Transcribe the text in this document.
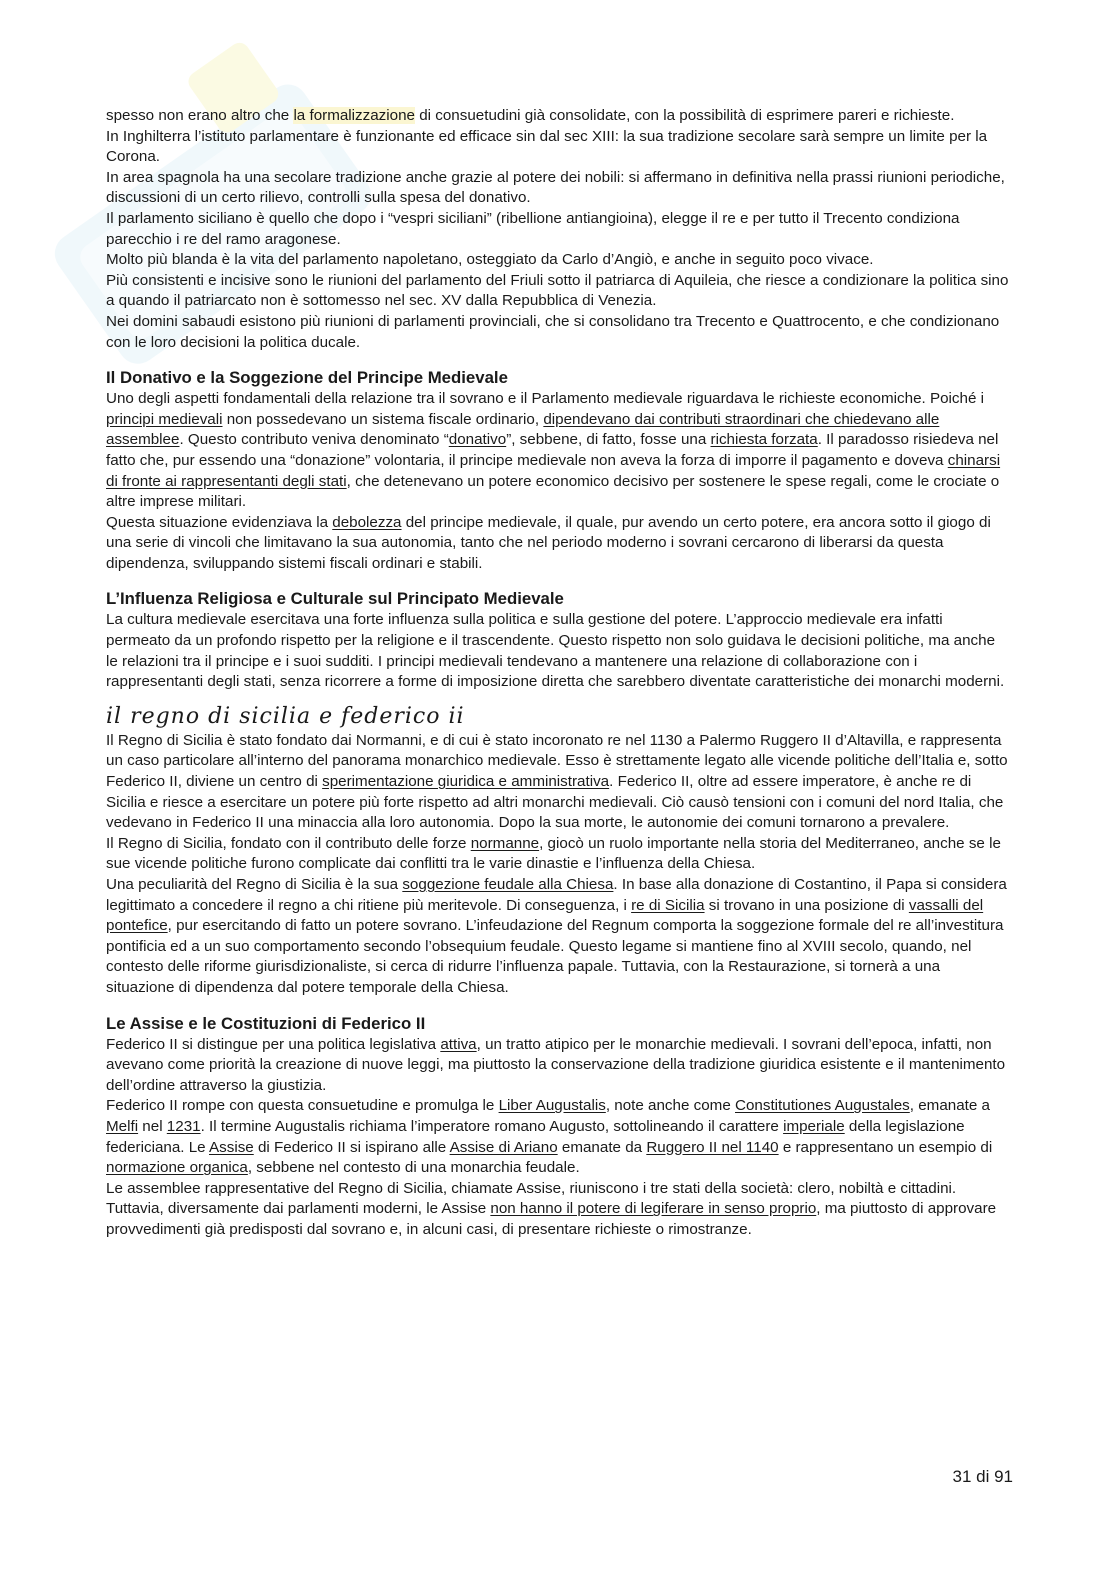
spesso non erano altro che la formalizzazione di consuetudini già consolidate, con la possibilità di esprimere pareri e richieste.

In Inghilterra l’istituto parlamentare è funzionante ed efficace sin dal sec XIII: la sua tradizione secolare sarà sempre un limite per la Corona.

In area spagnola ha una secolare tradizione anche grazie al potere dei nobili: si affermano in definitiva nella prassi riunioni periodiche, discussioni di un certo rilievo, controlli sulla spesa del donativo.

Il parlamento siciliano è quello che dopo i “vespri siciliani” (ribellione antiangioina), elegge il re e per tutto il Trecento condiziona parecchio i re del ramo aragonese.

Molto più blanda è la vita del parlamento napoletano, osteggiato da Carlo d’Angiò, e anche in seguito poco vivace.

Più consistenti e incisive sono le riunioni del parlamento del Friuli sotto il patriarca di Aquileia, che riesce a condizionare la politica sino a quando il patriarcato non è sottomesso nel sec. XV dalla Repubblica di Venezia.

Nei domini sabaudi esistono più riunioni di parlamenti provinciali, che si consolidano tra Trecento e Quattrocento, e che condizionano con le loro decisioni la politica ducale.

Il Donativo e la Soggezione del Principe Medievale

Uno degli aspetti fondamentali della relazione tra il sovrano e il Parlamento medievale riguardava le richieste economiche. Poiché i principi medievali non possedevano un sistema fiscale ordinario, dipendevano dai contributi straordinari che chiedevano alle assemblee. Questo contributo veniva denominato “donativo”, sebbene, di fatto, fosse una richiesta forzata. Il paradosso risiedeva nel fatto che, pur essendo una “donazione” volontaria, il principe medievale non aveva la forza di imporre il pagamento e doveva chinarsi di fronte ai rappresentanti degli stati, che detenevano un potere economico decisivo per sostenere le spese regali, come le crociate o altre imprese militari.

Questa situazione evidenziava la debolezza del principe medievale, il quale, pur avendo un certo potere, era ancora sotto il giogo di una serie di vincoli che limitavano la sua autonomia, tanto che nel periodo moderno i sovrani cercarono di liberarsi da questa dipendenza, sviluppando sistemi fiscali ordinari e stabili.

L’Influenza Religiosa e Culturale sul Principato Medievale

La cultura medievale esercitava una forte influenza sulla politica e sulla gestione del potere. L’approccio medievale era infatti permeato da un profondo rispetto per la religione e il trascendente. Questo rispetto non solo guidava le decisioni politiche, ma anche le relazioni tra il principe e i suoi sudditi. I principi medievali tendevano a mantenere una relazione di collaborazione con i rappresentanti degli stati, senza ricorrere a forme di imposizione diretta che sarebbero diventate caratteristiche dei monarchi moderni.

il regno di sicilia e federico ii

Il Regno di Sicilia è stato fondato dai Normanni, e di cui è stato incoronato re nel 1130 a Palermo Ruggero II d’Altavilla, e rappresenta un caso particolare all’interno del panorama monarchico medievale. Esso è strettamente legato alle vicende politiche dell’Italia e, sotto Federico II, diviene un centro di sperimentazione giuridica e amministrativa. Federico II, oltre ad essere imperatore, è anche re di Sicilia e riesce a esercitare un potere più forte rispetto ad altri monarchi medievali. Ciò causò tensioni con i comuni del nord Italia, che vedevano in Federico II una minaccia alla loro autonomia. Dopo la sua morte, le autonomie dei comuni tornarono a prevalere.

Il Regno di Sicilia, fondato con il contributo delle forze normanne, giocò un ruolo importante nella storia del Mediterraneo, anche se le sue vicende politiche furono complicate dai conflitti tra le varie dinastie e l’influenza della Chiesa.

Una peculiarità del Regno di Sicilia è la sua soggezione feudale alla Chiesa. In base alla donazione di Costantino, il Papa si considera legittimato a concedere il regno a chi ritiene più meritevole. Di conseguenza, i re di Sicilia si trovano in una posizione di vassalli del pontefice, pur esercitando di fatto un potere sovrano. L’infeudazione del Regnum comporta la soggezione formale del re all’investitura pontificia ed a un suo comportamento secondo l’obsequium feudale. Questo legame si mantiene fino al XVIII secolo, quando, nel contesto delle riforme giurisdizionaliste, si cerca di ridurre l’influenza papale. Tuttavia, con la Restaurazione, si tornerà a una situazione di dipendenza dal potere temporale della Chiesa.

Le Assise e le Costituzioni di Federico II

Federico II si distingue per una politica legislativa attiva, un tratto atipico per le monarchie medievali. I sovrani dell’epoca, infatti, non avevano come priorità la creazione di nuove leggi, ma piuttosto la conservazione della tradizione giuridica esistente e il mantenimento dell’ordine attraverso la giustizia.

Federico II rompe con questa consuetudine e promulga le Liber Augustalis, note anche come Constitutiones Augustales, emanate a Melfi nel 1231. Il termine Augustalis richiama l’imperatore romano Augusto, sottolineando il carattere imperiale della legislazione federiciana. Le Assise di Federico II si ispirano alle Assise di Ariano emanate da Ruggero II nel 1140 e rappresentano un esempio di normazione organica, sebbene nel contesto di una monarchia feudale.

Le assemblee rappresentative del Regno di Sicilia, chiamate Assise, riuniscono i tre stati della società: clero, nobiltà e cittadini. Tuttavia, diversamente dai parlamenti moderni, le Assise non hanno il potere di legiferare in senso proprio, ma piuttosto di approvare provvedimenti già predisposti dal sovrano e, in alcuni casi, di presentare richieste o rimostranze.

31 di 91
